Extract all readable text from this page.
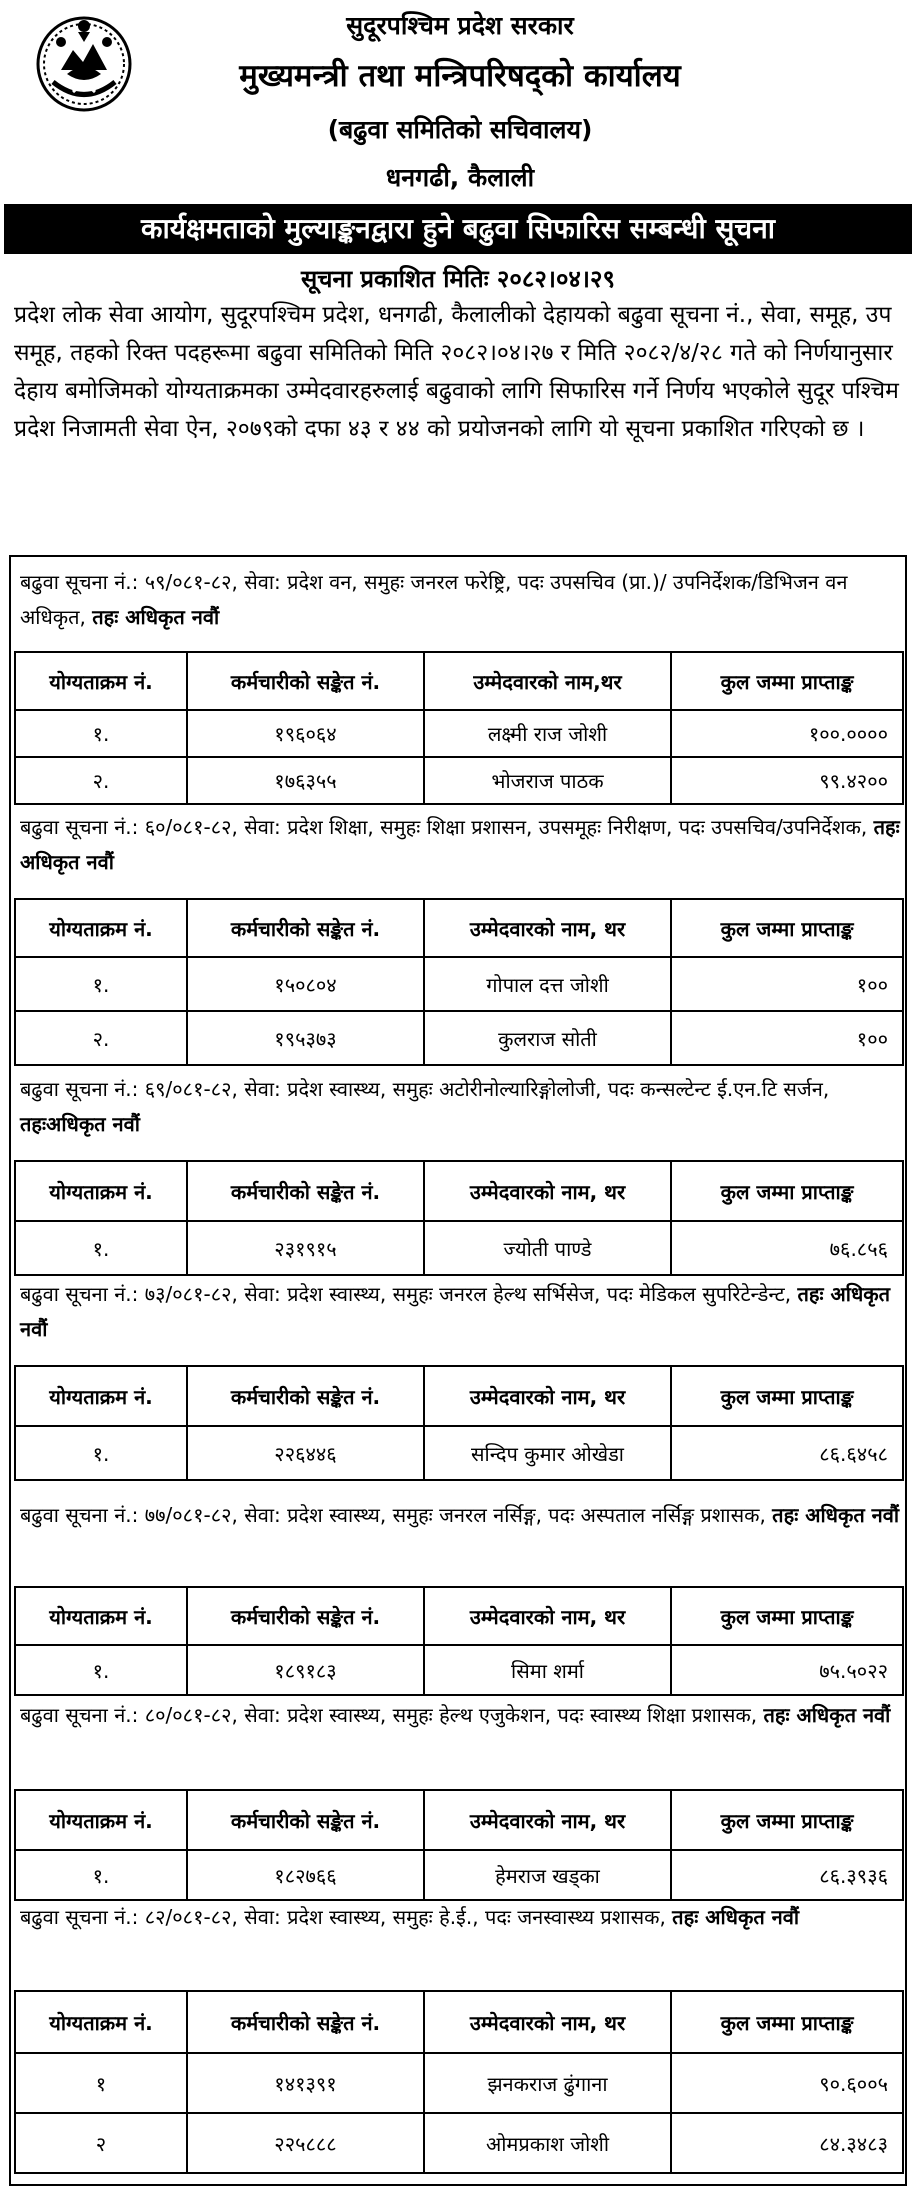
सुदूरपश्चिम प्रदेश सरकार
मुख्यमन्त्री तथा मन्त्रिपरिषद्को कार्यालय
(बढुवा समितिको सचिवालय)
धनगढी, कैलाली
कार्यक्षमताको मुल्याङ्कनद्वारा हुने बढुवा सिफारिस सम्बन्धी सूचना
सूचना प्रकाशित मितिः २०८२।०४।२९

प्रदेश लोक सेवा आयोग, सुदूरपश्चिम प्रदेश, धनगढी, कैलालीको देहायको बढुवा सूचना नं., सेवा, समूह, उप समूह, तहको रिक्त पदहरूमा बढुवा समितिको मिति २०८२।०४।२७ र मिति २०८२/४/२८ गते को निर्णयानुसार देहाय बमोजिमको योग्यताक्रमका उम्मेदवारहरुलाई बढुवाको लागि सिफारिस गर्ने निर्णय भएकोले सुदूर पश्चिम प्रदेश निजामती सेवा ऐन, २०७९को दफा ४३ र ४४ को प्रयोजनको लागि यो सूचना प्रकाशित गरिएको छ ।

बढुवा सूचना नं.: ५९/०८१-८२, सेवा: प्रदेश वन, समुहः जनरल फरेष्ट्रि, पदः उपसचिव (प्रा.)/ उपनिर्देशक/डिभिजन वन अधिकृत, तहः अधिकृत नवौं

योग्यताक्रम नं.	कर्मचारीको सङ्केत नं.	उम्मेदवारको नाम,थर	कुल जम्मा प्राप्ताङ्क
१.	१९६०६४	लक्ष्मी राज जोशी	१००.००००
२.	१७६३५५	भोजराज पाठक	९९.४२००

बढुवा सूचना नं.: ६०/०८१-८२, सेवा: प्रदेश शिक्षा, समुहः शिक्षा प्रशासन, उपसमूहः निरीक्षण, पदः उपसचिव/उपनिर्देशक, तहः अधिकृत नवौं

योग्यताक्रम नं.	कर्मचारीको सङ्केत नं.	उम्मेदवारको नाम, थर	कुल जम्मा प्राप्ताङ्क
१.	१५०८०४	गोपाल दत्त जोशी	१००
२.	१९५३७३	कुलराज सोती	१००

बढुवा सूचना नं.: ६९/०८१-८२, सेवा: प्रदेश स्वास्थ्य, समुहः अटोरीनोल्यारिङ्गोलोजी, पदः कन्सल्टेन्ट ई.एन.टि सर्जन, तहःअधिकृत नवौं

योग्यताक्रम नं.	कर्मचारीको सङ्केत नं.	उम्मेदवारको नाम, थर	कुल जम्मा प्राप्ताङ्क
१.	२३१९१५	ज्योती पाण्डे	७६.८५६

बढुवा सूचना नं.: ७३/०८१-८२, सेवा: प्रदेश स्वास्थ्य, समुहः जनरल हेल्थ सर्भिसेज, पदः मेडिकल सुपरिटेन्डेन्ट, तहः अधिकृत नवौं

योग्यताक्रम नं.	कर्मचारीको सङ्केत नं.	उम्मेदवारको नाम, थर	कुल जम्मा प्राप्ताङ्क
१.	२२६४४६	सन्दिप कुमार ओखेडा	८६.६४५८

बढुवा सूचना नं.: ७७/०८१-८२, सेवा: प्रदेश स्वास्थ्य, समुहः जनरल नर्सिङ्ग, पदः अस्पताल नर्सिङ्ग प्रशासक, तहः अधिकृत नवौं

योग्यताक्रम नं.	कर्मचारीको सङ्केत नं.	उम्मेदवारको नाम, थर	कुल जम्मा प्राप्ताङ्क
१.	१८९१८३	सिमा शर्मा	७५.५०२२

बढुवा सूचना नं.: ८०/०८१-८२, सेवा: प्रदेश स्वास्थ्य, समुहः हेल्थ एजुकेशन, पदः स्वास्थ्य शिक्षा प्रशासक, तहः अधिकृत नवौं

योग्यताक्रम नं.	कर्मचारीको सङ्केत नं.	उम्मेदवारको नाम, थर	कुल जम्मा प्राप्ताङ्क
१.	१८२७६६	हेमराज खड्का	८६.३९३६

बढुवा सूचना नं.: ८२/०८१-८२, सेवा: प्रदेश स्वास्थ्य, समुहः हे.ई., पदः जनस्वास्थ्य प्रशासक, तहः अधिकृत नवौं

योग्यताक्रम नं.	कर्मचारीको सङ्केत नं.	उम्मेदवारको नाम, थर	कुल जम्मा प्राप्ताङ्क
१	१४१३९१	झनकराज ढुंगाना	९०.६००५
२	२२५८८८	ओमप्रकाश जोशी	८४.३४८३
